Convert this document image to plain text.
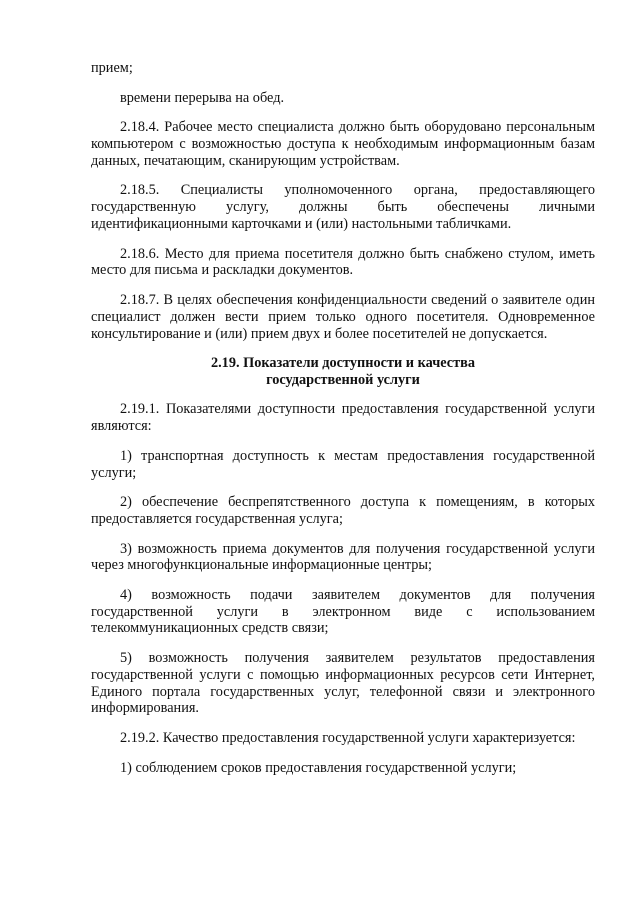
прием;

времени перерыва на обед.

2.18.4. Рабочее место специалиста должно быть оборудовано персональным компьютером с возможностью доступа к необходимым информационным базам данных, печатающим, сканирующим устройствам.

2.18.5. Специалисты уполномоченного органа, предоставляющего государственную услугу, должны быть обеспечены личными идентификационными карточками и (или) настольными табличками.

2.18.6. Место для приема посетителя должно быть снабжено стулом, иметь место для письма и раскладки документов.

2.18.7. В целях обеспечения конфиденциальности сведений о заявителе один специалист должен вести прием только одного посетителя. Одновременное консультирование и (или) прием двух и более посетителей не допускается.

2.19. Показатели доступности и качества
государственной услуги

2.19.1. Показателями доступности предоставления государственной услуги являются:

1) транспортная доступность к местам предоставления государственной услуги;

2) обеспечение беспрепятственного доступа к помещениям, в которых предоставляется государственная услуга;

3) возможность приема документов для получения государственной услуги через многофункциональные информационные центры;

4) возможность подачи заявителем документов для получения государственной услуги в электронном виде с использованием телекоммуникационных средств связи;

5) возможность получения заявителем результатов предоставления государственной услуги с помощью информационных ресурсов сети Интернет, Единого портала государственных услуг, телефонной связи и электронного информирования.

2.19.2. Качество предоставления государственной услуги характеризуется:

1) соблюдением сроков предоставления государственной услуги;
